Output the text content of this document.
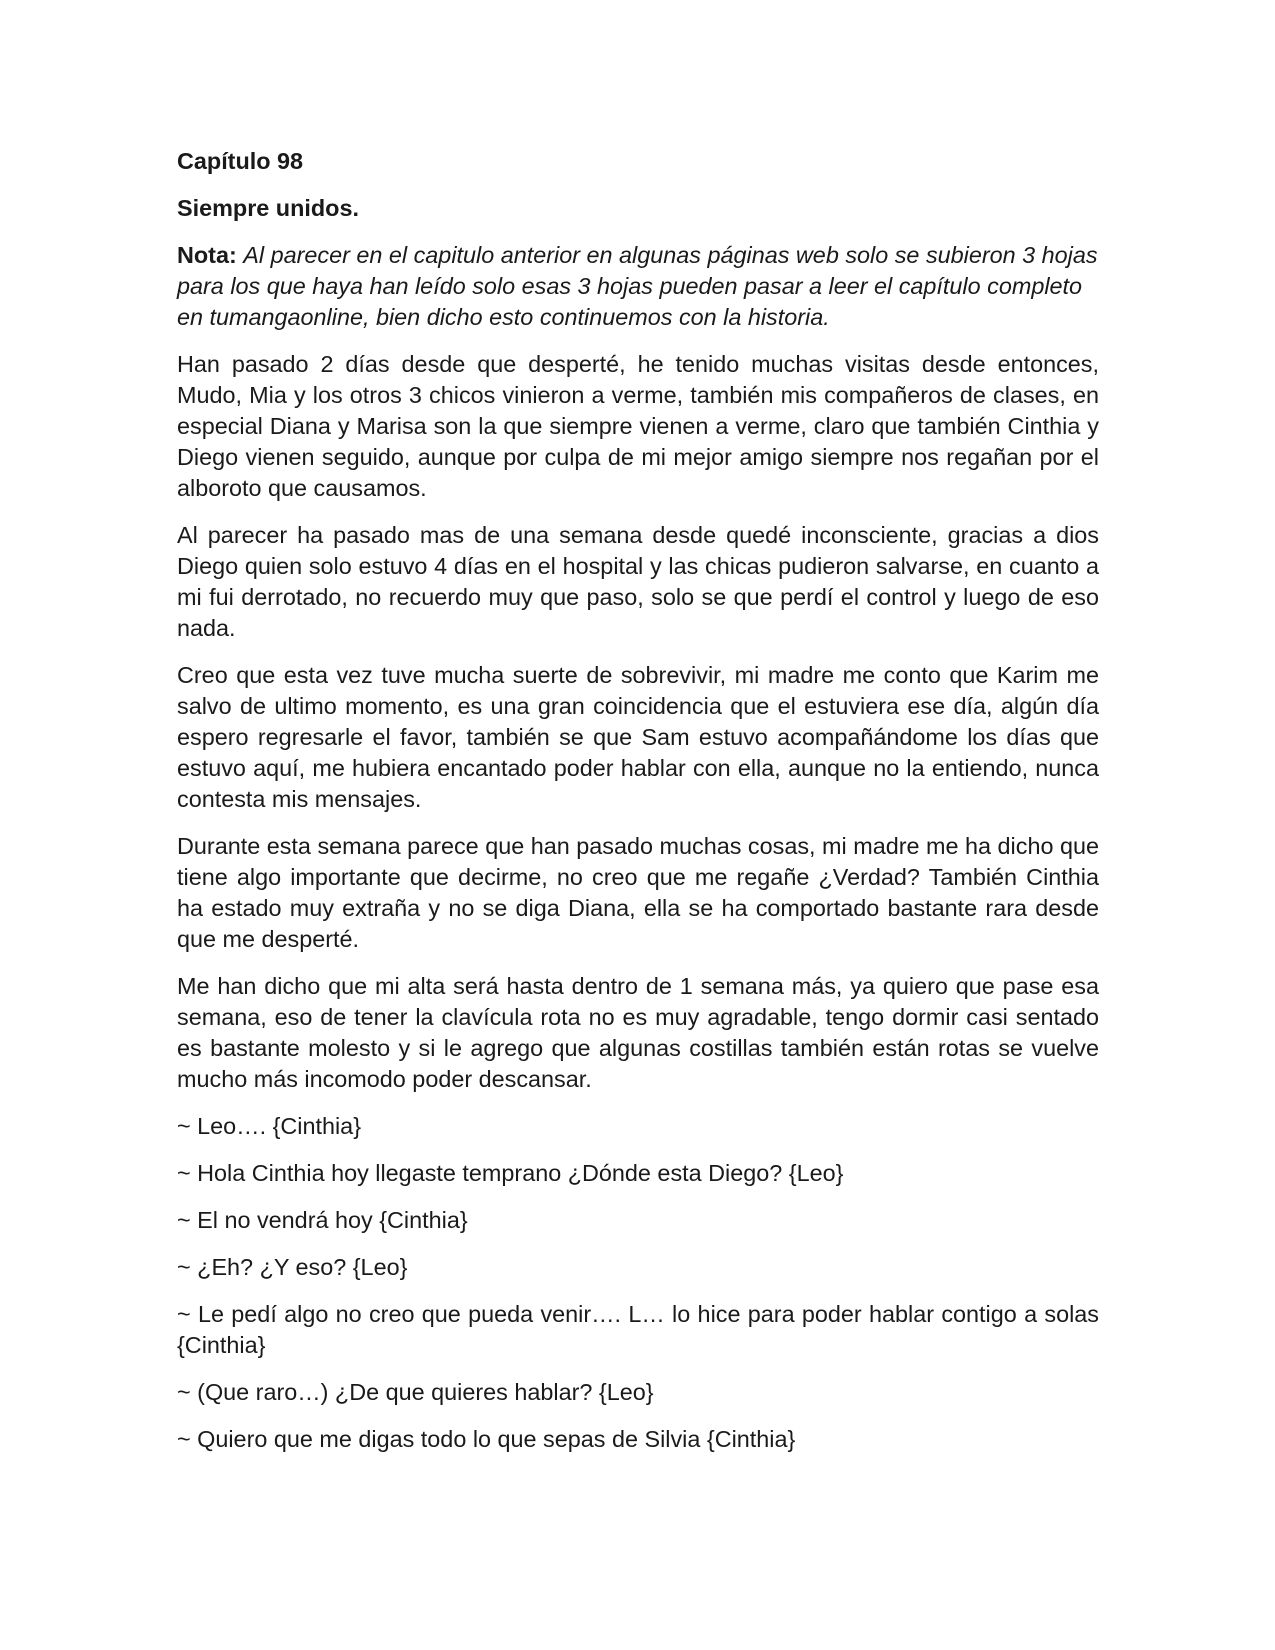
Capítulo 98

Siempre unidos.

Nota: Al parecer en el capitulo anterior en algunas páginas web solo se subieron 3 hojas para los que haya han leído solo esas 3 hojas pueden pasar a leer el capítulo completo en tumangaonline, bien dicho esto continuemos con la historia.

Han pasado 2 días desde que desperté, he tenido muchas visitas desde entonces, Mudo, Mia y los otros 3 chicos vinieron a verme, también mis compañeros de clases, en especial Diana y Marisa son la que siempre vienen a verme, claro que también Cinthia y Diego vienen seguido, aunque por culpa de mi mejor amigo siempre nos regañan por el alboroto que causamos.

Al parecer ha pasado mas de una semana desde quedé inconsciente, gracias a dios Diego quien solo estuvo 4 días en el hospital y las chicas pudieron salvarse, en cuanto a mi fui derrotado, no recuerdo muy que paso, solo se que perdí el control y luego de eso nada.

Creo que esta vez tuve mucha suerte de sobrevivir, mi madre me conto que Karim me salvo de ultimo momento, es una gran coincidencia que el estuviera ese día, algún día espero regresarle el favor, también se que Sam estuvo acompañándome los días que estuvo aquí, me hubiera encantado poder hablar con ella, aunque no la entiendo, nunca contesta mis mensajes.

Durante esta semana parece que han pasado muchas cosas, mi madre me ha dicho que tiene algo importante que decirme, no creo que me regañe ¿Verdad? También Cinthia ha estado muy extraña y no se diga Diana, ella se ha comportado bastante rara desde que me desperté.

Me han dicho que mi alta será hasta dentro de 1 semana más, ya quiero que pase esa semana, eso de tener la clavícula rota no es muy agradable, tengo dormir casi sentado es bastante molesto y si le agrego que algunas costillas también están rotas se vuelve mucho más incomodo poder descansar.

~ Leo…. {Cinthia}

~ Hola Cinthia hoy llegaste temprano ¿Dónde esta Diego? {Leo}

~ El no vendrá hoy {Cinthia}

~ ¿Eh? ¿Y eso? {Leo}

~ Le pedí algo no creo que pueda venir…. L… lo hice para poder hablar contigo a solas {Cinthia}

~ (Que raro…) ¿De que quieres hablar? {Leo}

~ Quiero que me digas todo lo que sepas de Silvia {Cinthia}
